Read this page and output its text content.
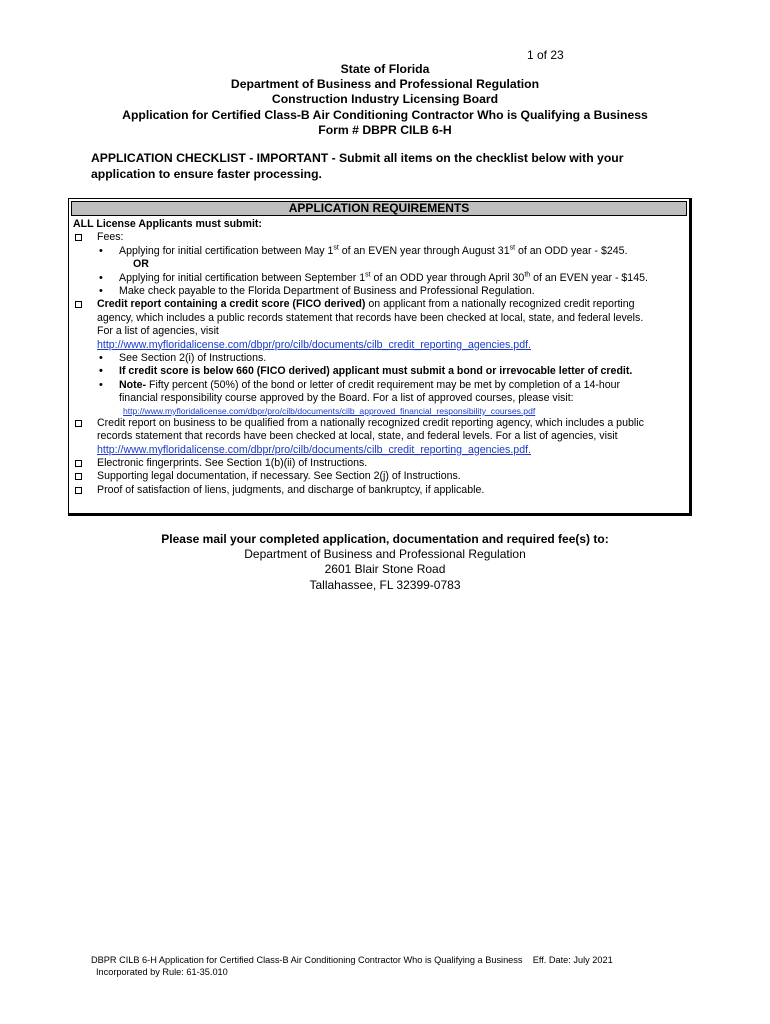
1 of 23
State of Florida
Department of Business and Professional Regulation
Construction Industry Licensing Board
Application for Certified Class-B Air Conditioning Contractor Who is Qualifying a Business
Form # DBPR CILB 6-H
APPLICATION CHECKLIST - IMPORTANT - Submit all items on the checklist below with your
application to ensure faster processing.
APPLICATION REQUIREMENTS
ALL License Applicants must submit:
Fees:
• Applying for initial certification between May 1st of an EVEN year through August 31st of an ODD year - $245.
OR
• Applying for initial certification between September 1st of an ODD year through April 30th of an EVEN year - $145.
• Make check payable to the Florida Department of Business and Professional Regulation.
Credit report containing a credit score (FICO derived) on applicant from a nationally recognized credit reporting
agency, which includes a public records statement that records have been checked at local, state, and federal levels.
For a list of agencies, visit
http://www.myfloridalicense.com/dbpr/pro/cilb/documents/cilb_credit_reporting_agencies.pdf.
• See Section 2(i) of Instructions.
• If credit score is below 660 (FICO derived) applicant must submit a bond or irrevocable letter of credit.
• Note- Fifty percent (50%) of the bond or letter of credit requirement may be met by completion of a 14-hour
financial responsibility course approved by the Board. For a list of approved courses, please visit:
http://www.myfloridalicense.com/dbpr/pro/cilb/documents/cilb_approved_financial_responsibility_courses.pdf
Credit report on business to be qualified from a nationally recognized credit reporting agency, which includes a public
records statement that records have been checked at local, state, and federal levels. For a list of agencies, visit
http://www.myfloridalicense.com/dbpr/pro/cilb/documents/cilb_credit_reporting_agencies.pdf.
Electronic fingerprints. See Section 1(b)(ii) of Instructions.
Supporting legal documentation, if necessary. See Section 2(j) of Instructions.
Proof of satisfaction of liens, judgments, and discharge of bankruptcy, if applicable.
Please mail your completed application, documentation and required fee(s) to:
Department of Business and Professional Regulation
2601 Blair Stone Road
Tallahassee, FL 32399-0783
DBPR CILB 6-H Application for Certified Class-B Air Conditioning Contractor Who is Qualifying a Business    Eff. Date: July 2021
Incorporated by Rule: 61-35.010
